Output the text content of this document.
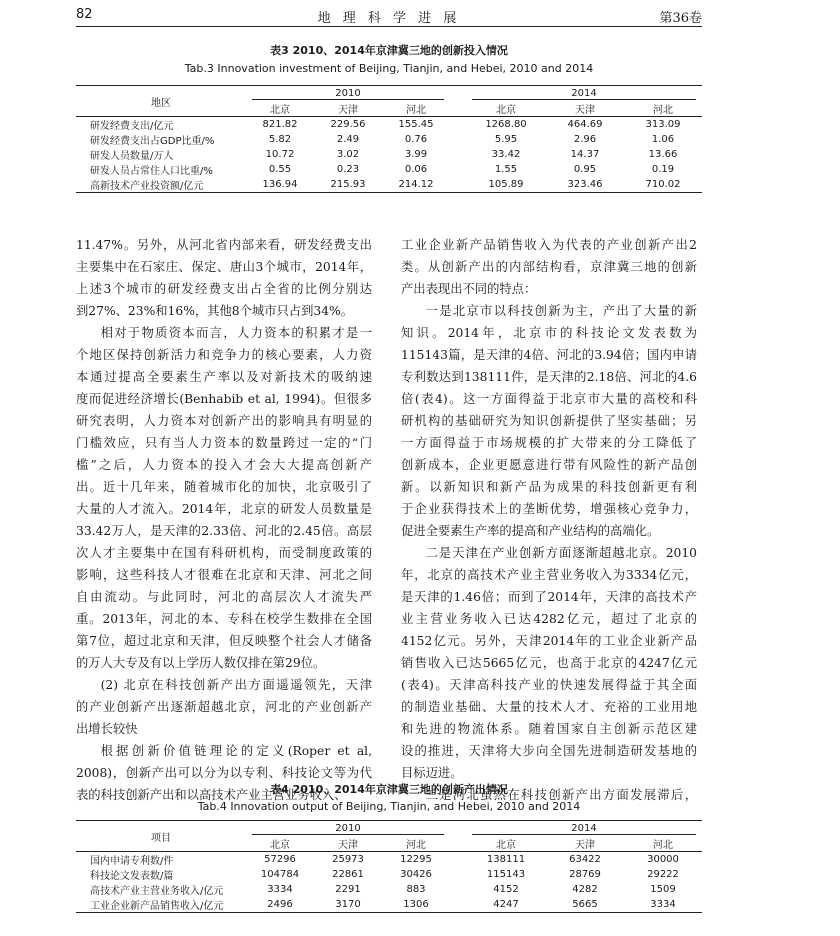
82	地 理 科 学 进 展	第36卷
表3 2010、2014年京津冀三地的创新投入情况
Tab.3 Innovation investment of Beijing, Tianjin, and Hebei, 2010 and 2014
地区	2010				2014		

	北京	天津	河北		北京	天津	河北
研发经费支出/亿元	821.82	229.56	155.45		1268.80	464.69	313.09
研发经费支出占GDP比重/%	5.82	2.49	0.76		5.95	2.96	1.06
研发人员数量/万人	10.72	3.02	3.99		33.42	14.37	13.66
研发人员占常住人口比重/%	0.55	0.23	0.06		1.55	0.95	0.19
高新技术产业投资额/亿元	136.94	215.93	214.12		105.89	323.46	710.02
11.47%。另外，从河北省内部来看，研发经费支出
主要集中在石家庄、保定、唐山3个城市，2014年，
上述3个城市的研发经费支出占全省的比例分别达
到27%、23%和16%，其他8个城市只占到34%。
相对于物质资本而言，人力资本的积累才是一
个地区保持创新活力和竞争力的核心要素，人力资
本通过提高全要素生产率以及对新技术的吸纳速
度而促进经济增长(Benhabib et al, 1994)。但很多
研究表明，人力资本对创新产出的影响具有明显的
门槛效应，只有当人力资本的数量跨过一定的“门
槛”之后，人力资本的投入才会大大提高创新产
出。近十几年来，随着城市化的加快，北京吸引了
大量的人才流入。2014年，北京的研发人员数量是
33.42万人，是天津的2.33倍、河北的2.45倍。高层
次人才主要集中在国有科研机构，而受制度政策的
影响，这些科技人才很难在北京和天津、河北之间
自由流动。与此同时，河北的高层次人才流失严
重。2013年，河北的本、专科在校学生数排在全国
第7位，超过北京和天津，但反映整个社会人才储备
的万人大专及有以上学历人数仅排在第29位。
(2) 北京在科技创新产出方面遥遥领先，天津
的产业创新产出逐渐超越北京，河北的产业创新产
出增长较快
根据创新价值链理论的定义(Roper et al,
2008)，创新产出可以分为以专利、科技论文等为代
表的科技创新产出和以高技术产业主营业务收入、
工业企业新产品销售收入为代表的产业创新产出2
类。从创新产出的内部结构看，京津冀三地的创新
产出表现出不同的特点：
一是北京市以科技创新为主，产出了大量的新
知识。2014年，北京市的科技论文发表数为
115143篇，是天津的4倍、河北的3.94倍；国内申请
专利数达到138111件，是天津的2.18倍、河北的4.6
倍(表4)。这一方面得益于北京市大量的高校和科
研机构的基础研究为知识创新提供了坚实基础；另
一方面得益于市场规模的扩大带来的分工降低了
创新成本，企业更愿意进行带有风险性的新产品创
新。以新知识和新产品为成果的科技创新更有利
于企业获得技术上的垄断优势，增强核心竞争力，
促进全要素生产率的提高和产业结构的高端化。
二是天津在产业创新方面逐渐超越北京。2010
年，北京的高技术产业主营业务收入为3334亿元，
是天津的1.46倍；而到了2014年，天津的高技术产
业主营业务收入已达4282亿元，超过了北京的
4152亿元。另外，天津2014年的工业企业新产品
销售收入已达5665亿元，也高于北京的4247亿元
(表4)。天津高科技产业的快速发展得益于其全面
的制造业基础、大量的技术人才、充裕的工业用地
和先进的物流体系。随着国家自主创新示范区建
设的推进，天津将大步向全国先进制造研发基地的
目标迈进。
三是河北虽然在科技创新产出方面发展滞后，
表4 2010、2014年京津冀三地的创新产出情况
Tab.4 Innovation output of Beijing, Tianjin, and Hebei, 2010 and 2014
项目	2010				2014		

	北京	天津	河北		北京	天津	河北
国内申请专利数/件	57296	25973	12295		138111	63422	30000
科技论文发表数/篇	104784	22861	30426		115143	28769	29222
高技术产业主营业务收入/亿元	3334	2291	883		4152	4282	1509
工业企业新产品销售收入/亿元	2496	3170	1306		4247	5665	3334
